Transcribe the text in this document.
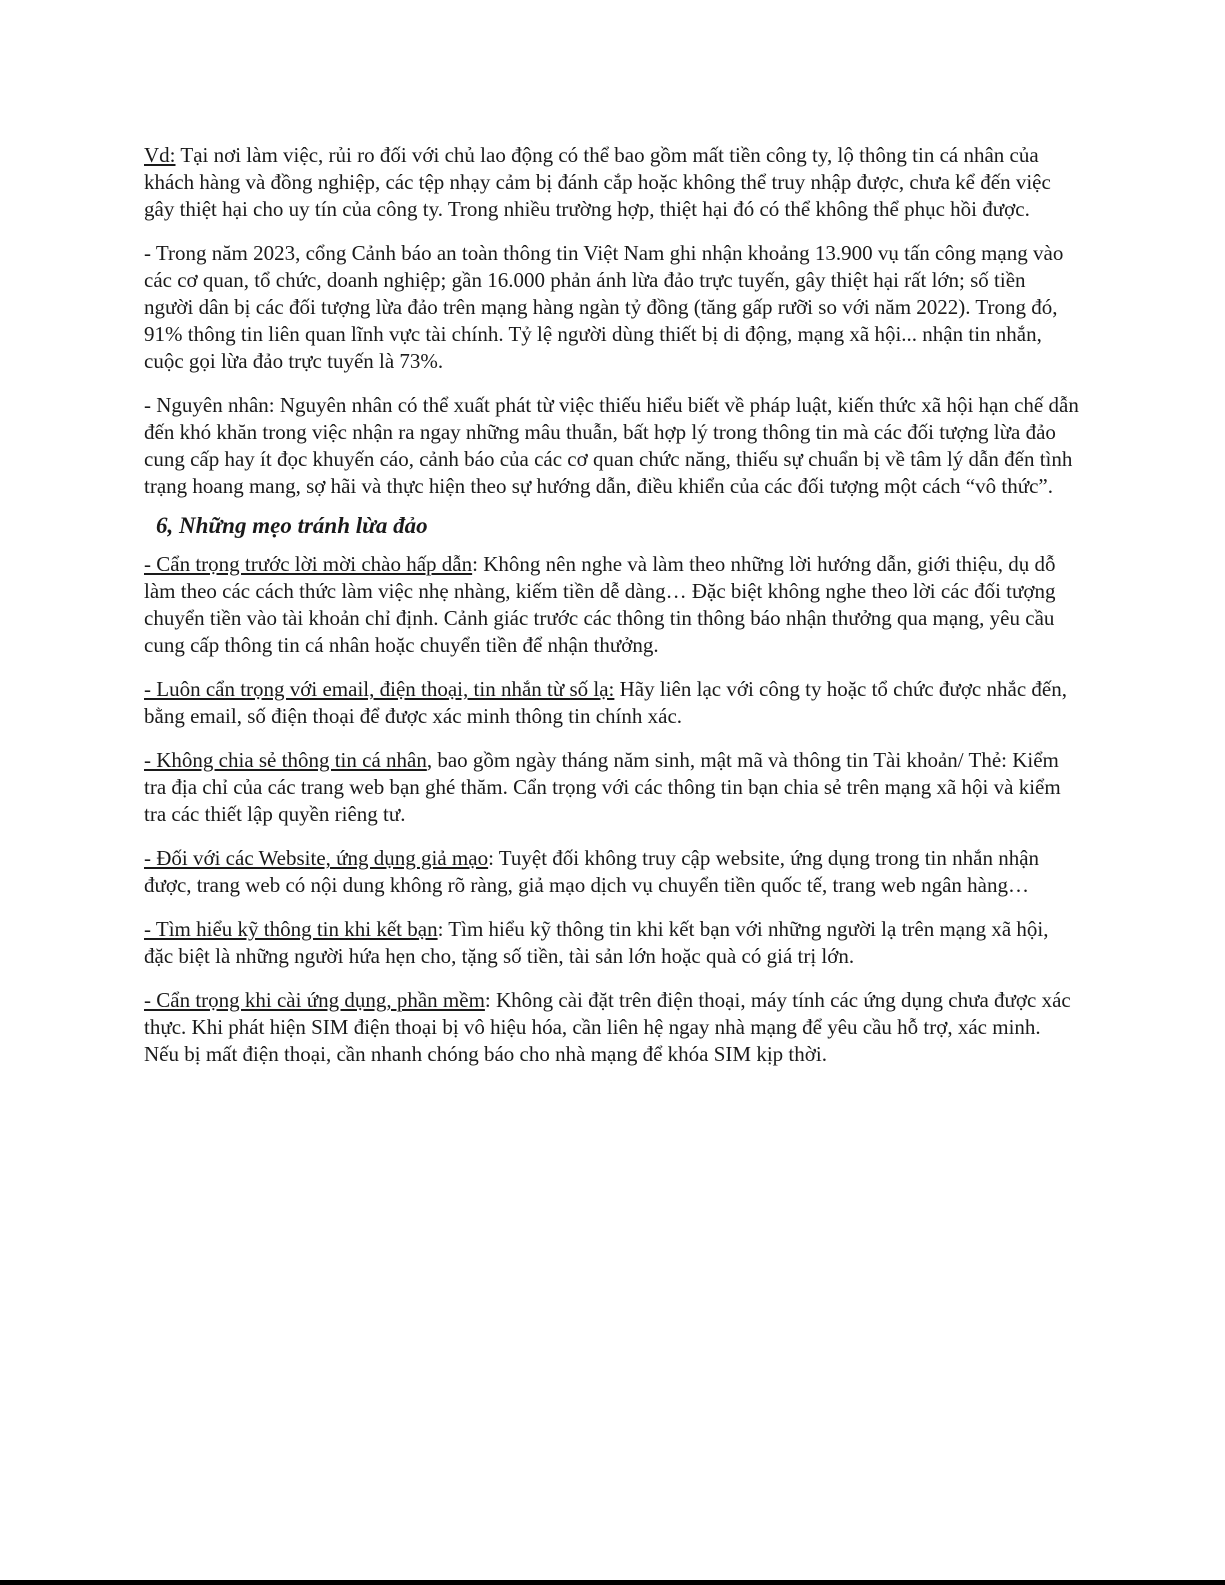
Vd: Tại nơi làm việc, rủi ro đối với chủ lao động có thể bao gồm mất tiền công ty, lộ thông tin cá nhân của khách hàng và đồng nghiệp, các tệp nhạy cảm bị đánh cắp hoặc không thể truy nhập được, chưa kể đến việc gây thiệt hại cho uy tín của công ty. Trong nhiều trường hợp, thiệt hại đó có thể không thể phục hồi được.

- Trong năm 2023, cổng Cảnh báo an toàn thông tin Việt Nam ghi nhận khoảng 13.900 vụ tấn công mạng vào các cơ quan, tổ chức, doanh nghiệp; gần 16.000 phản ánh lừa đảo trực tuyến, gây thiệt hại rất lớn; số tiền người dân bị các đối tượng lừa đảo trên mạng hàng ngàn tỷ đồng (tăng gấp rưỡi so với năm 2022). Trong đó, 91% thông tin liên quan lĩnh vực tài chính. Tỷ lệ người dùng thiết bị di động, mạng xã hội... nhận tin nhắn, cuộc gọi lừa đảo trực tuyến là 73%.

- Nguyên nhân: Nguyên nhân có thể xuất phát từ việc thiếu hiểu biết về pháp luật, kiến thức xã hội hạn chế dẫn đến khó khăn trong việc nhận ra ngay những mâu thuẫn, bất hợp lý trong thông tin mà các đối tượng lừa đảo cung cấp hay ít đọc khuyến cáo, cảnh báo của các cơ quan chức năng, thiếu sự chuẩn bị về tâm lý dẫn đến tình trạng hoang mang, sợ hãi và thực hiện theo sự hướng dẫn, điều khiển của các đối tượng một cách “vô thức”.

6, Những mẹo tránh lừa đảo

- Cẩn trọng trước lời mời chào hấp dẫn: Không nên nghe và làm theo những lời hướng dẫn, giới thiệu, dụ dỗ làm theo các cách thức làm việc nhẹ nhàng, kiếm tiền dễ dàng… Đặc biệt không nghe theo lời các đối tượng chuyển tiền vào tài khoản chỉ định. Cảnh giác trước các thông tin thông báo nhận thưởng qua mạng, yêu cầu cung cấp thông tin cá nhân hoặc chuyển tiền để nhận thưởng.

- Luôn cẩn trọng với email, điện thoại, tin nhắn từ số lạ: Hãy liên lạc với công ty hoặc tổ chức được nhắc đến, bằng email, số điện thoại để được xác minh thông tin chính xác.

- Không chia sẻ thông tin cá nhân, bao gồm ngày tháng năm sinh, mật mã và thông tin Tài khoản/ Thẻ: Kiểm tra địa chỉ của các trang web bạn ghé thăm. Cẩn trọng với các thông tin bạn chia sẻ trên mạng xã hội và kiểm tra các thiết lập quyền riêng tư.

- Đối với các Website, ứng dụng giả mạo: Tuyệt đối không truy cập website, ứng dụng trong tin nhắn nhận được, trang web có nội dung không rõ ràng, giả mạo dịch vụ chuyển tiền quốc tế, trang web ngân hàng…

- Tìm hiểu kỹ thông tin khi kết bạn: Tìm hiểu kỹ thông tin khi kết bạn với những người lạ trên mạng xã hội, đặc biệt là những người hứa hẹn cho, tặng số tiền, tài sản lớn hoặc quà có giá trị lớn.

- Cẩn trọng khi cài ứng dụng, phần mềm: Không cài đặt trên điện thoại, máy tính các ứng dụng chưa được xác thực. Khi phát hiện SIM điện thoại bị vô hiệu hóa, cần liên hệ ngay nhà mạng để yêu cầu hỗ trợ, xác minh. Nếu bị mất điện thoại, cần nhanh chóng báo cho nhà mạng để khóa SIM kịp thời.
